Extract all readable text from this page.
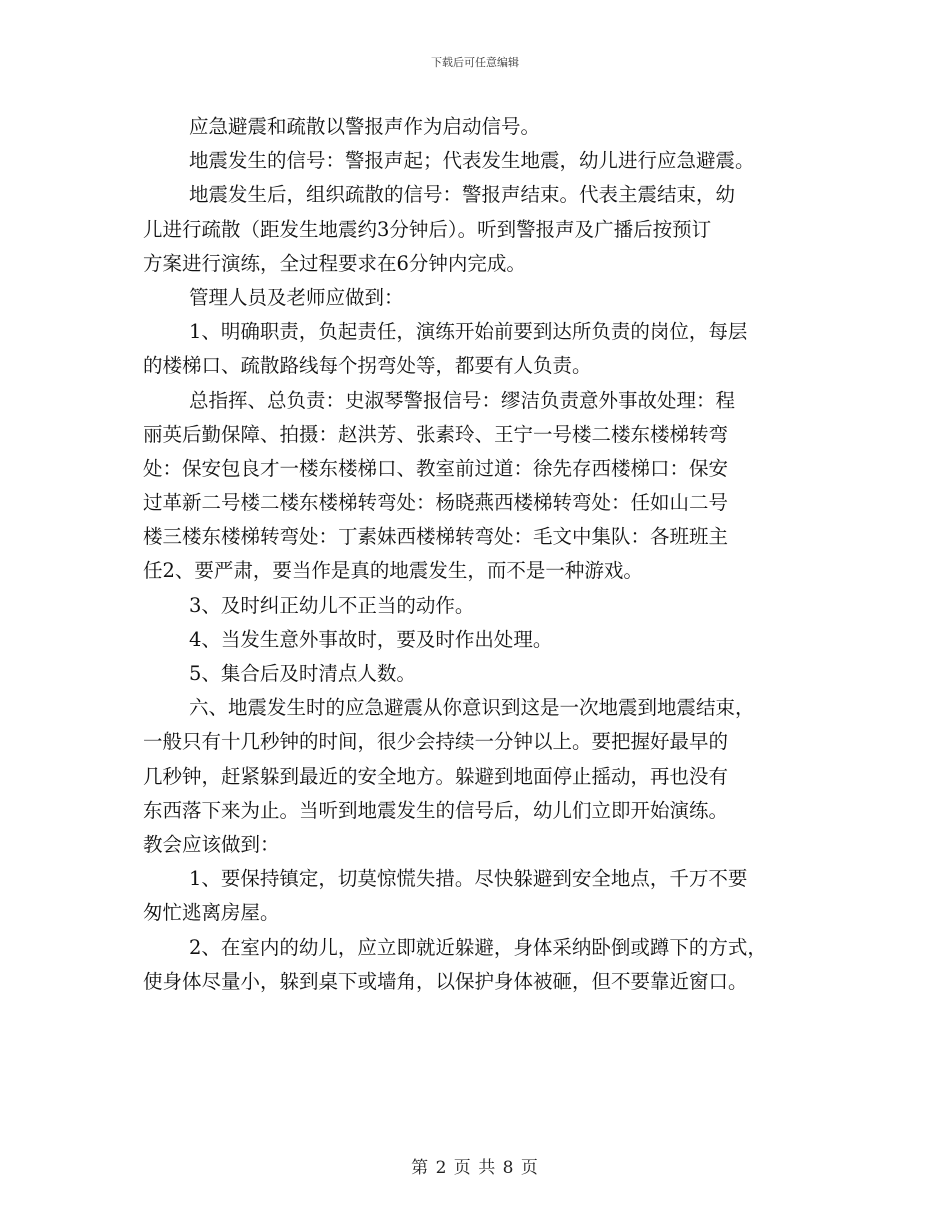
下载后可任意编辑
应急避震和疏散以警报声作为启动信号。
地震发生的信号：警报声起；代表发生地震，幼儿进行应急避震。
地震发生后，组织疏散的信号：警报声结束。代表主震结束，幼
儿进行疏散（距发生地震约3分钟后）。听到警报声及广播后按预订
方案进行演练，全过程要求在6分钟内完成。
管理人员及老师应做到：
1、明确职责，负起责任，演练开始前要到达所负责的岗位，每层
的楼梯口、疏散路线每个拐弯处等，都要有人负责。
总指挥、总负责：史淑琴警报信号：缪洁负责意外事故处理：程
丽英后勤保障、拍摄：赵洪芳、张素玲、王宁一号楼二楼东楼梯转弯
处：保安包良才一楼东楼梯口、教室前过道：徐先存西楼梯口：保安
过革新二号楼二楼东楼梯转弯处：杨晓燕西楼梯转弯处：任如山二号
楼三楼东楼梯转弯处：丁素妹西楼梯转弯处：毛文中集队：各班班主
任2、要严肃，要当作是真的地震发生，而不是一种游戏。
3、及时纠正幼儿不正当的动作。
4、当发生意外事故时，要及时作出处理。
5、集合后及时清点人数。
六、地震发生时的应急避震从你意识到这是一次地震到地震结束，
一般只有十几秒钟的时间，很少会持续一分钟以上。要把握好最早的
几秒钟，赶紧躲到最近的安全地方。躲避到地面停止摇动，再也没有
东西落下来为止。当听到地震发生的信号后，幼儿们立即开始演练。
教会应该做到：
1、要保持镇定，切莫惊慌失措。尽快躲避到安全地点，千万不要
匆忙逃离房屋。
2、在室内的幼儿，应立即就近躲避，身体采纳卧倒或蹲下的方式，
使身体尽量小，躲到桌下或墙角，以保护身体被砸，但不要靠近窗口。
第 2 页 共 8 页
